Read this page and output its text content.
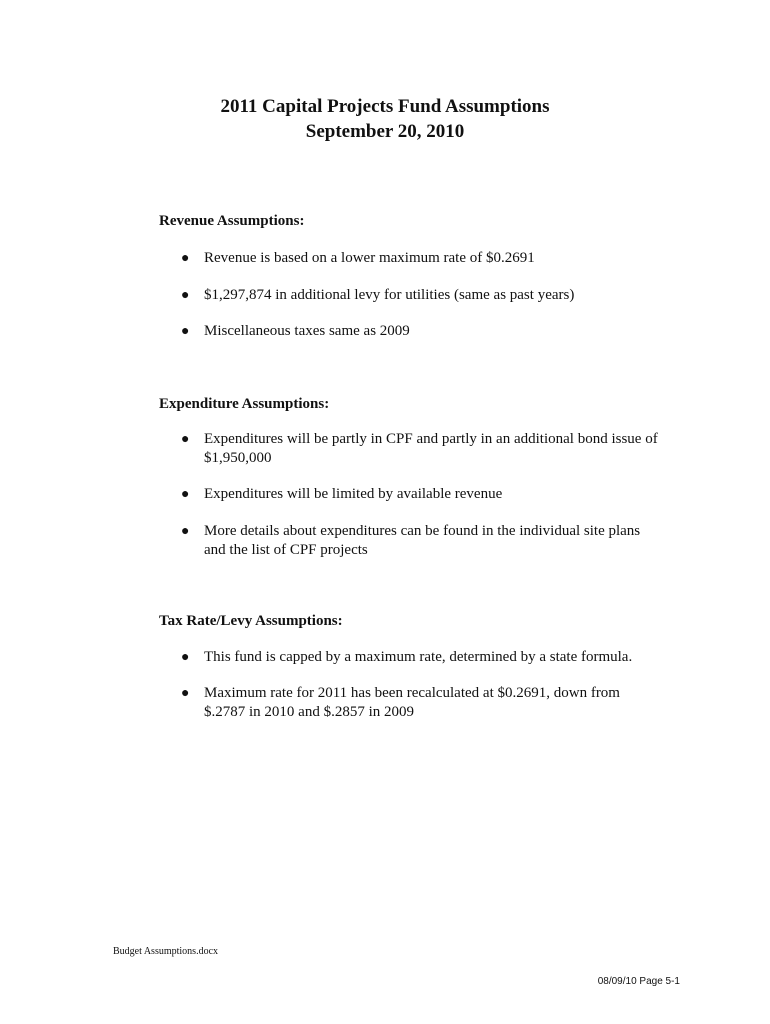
2011 Capital Projects Fund Assumptions
September 20, 2010
Revenue Assumptions:
● Revenue is based on a lower maximum rate of $0.2691
● $1,297,874 in additional levy for utilities (same as past years)
● Miscellaneous taxes same as 2009
Expenditure Assumptions:
● Expenditures will be partly in CPF and partly in an additional bond issue of $1,950,000
● Expenditures will be limited by available revenue
● More details about expenditures can be found in the individual site plans and the list of CPF projects
Tax Rate/Levy Assumptions:
● This fund is capped by a maximum rate, determined by a state formula.
● Maximum rate for 2011 has been recalculated at $0.2691, down from $.2787 in 2010 and $.2857 in 2009
Budget Assumptions.docx
08/09/10 Page 5-1
